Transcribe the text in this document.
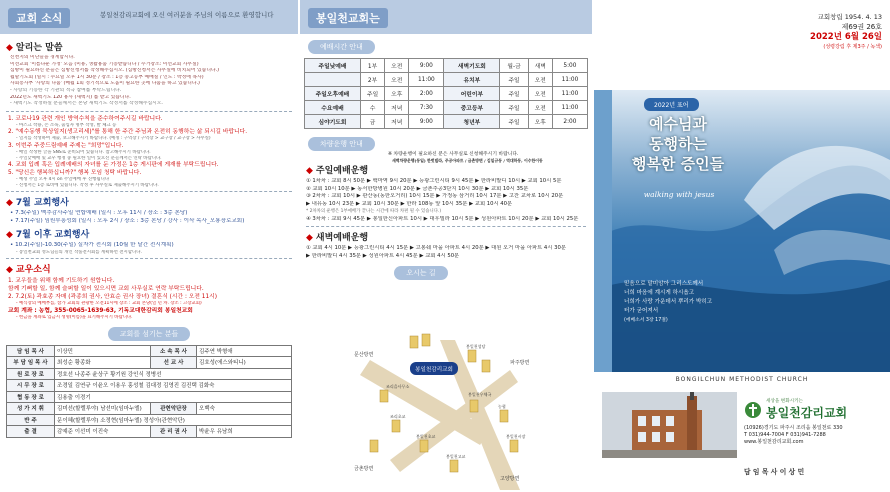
교회 소식	봉일천감리교회에 오신 여러분을 주님의 이름으로 환영합니다
◆ 알리는 말씀
신천지의 미단들을 경계합시다.
이선교회 '이름다운 가정' 모음 (미용, 생활용품 기증받습니다 / 수거장소: 이선교회 사무실)
심방이 필요하신 분들은 심방신청서를 작성해주십시오. (심방신청서는 사무실에 비치되어 있습니다.)
월말기도회 (일시 : 수요일 오후 1시 30분 / 장소 : 1층 중고등부 예배실 / 인도 : 박정애 목사)
사회봉사부 '사랑의 나눔' (매월 1회 정기적으로 도움이 필요한 곳에 나눔을 하고 있습니다.)
- 사랑의 기능한 각 기관의 적극 참여를 부탁드립니다.
2022년도 새벽기도 120 용사 (새벽지) 를 받고 있습니다.
- 새벽기도 작정하실 분들께서는 본당 새벽기도 작정서를 작성해주십시오.
1. 코로나19 관련 개인 방역수칙을 준수하여주시길 바랍니다.
- 마스크 착용, 손 소독, 출입자 명부 작성, 발 체크 등
2. "예수동행 묵상일지(생고리세)"를 통해 한 주간 주님과 온전히 동행하는 삶 되시길 바랍니다.
- 일지를 작성하여 제출, 보고해주시기 바랍니다. (예정 : 구역장 / 구역장 > 교구장 / 교구장 > 사무실)
3. 이번주 주중드림예배 주제는 "희망"입니다.
- 매일 작성한 글을 SNS로 준비되어 있습니다. 참고해주시기 바랍니다.
- 주일낮예배 및 교우 행정 중 필요한 일이 있으신 분들께서는 연락 바랍니다.
4. 교회 입례 혹은 입례예배의 자녀를 둔 가정은 1층 게시판에 게재를 부탁드립니다.
5. "당신은 행복하십니까?" 행복 모임 청탁 바랍니다.
- 예성 주일 오후 4시 on 주일예배 후 진행됩니다
- 신청서는 1층 로비에 있습니다. 작성 후 사무실로 제출해주시기 바랍니다.
◆ 7월 교회행사
• 7.3(주일) 맥추감사주일 연합예배 (일시 : 오후 11시 / 장소 : 3층 본당)
• 7.17(주일) 임원부흥성회 (일시 : 오후 2시 / 장소 : 3층 본당 / 강사 : 이삭 목사_오룡장로교회)
◆ 7월 이후 교회행사
• 10.2(주일)-10.30(주일) 실자가 전시회 (10월 한 달간 전시계획)
- 봉일천교회 성도님들의 개인 작품전시회를 계획하면 전시합니다.
◆ 교우소식
1. 교우들을 위해 함께 기도하기 원합니다.
함께 기뻐할 일, 함께 슬퍼할 일이 있으시면 교회 사무실로 연락 부탁드립니다.
2. 7.2(토) 곽효종 자매 (곽종희 권사, 안효순 권사 장녀) 결혼식 (시간 : 오전 11시)
- 예식장의 예배부를, 참가 교회의 관광한 오전11시에 장소 : 교회 본당(일 년 차. 장소 : 고장교회)
교회 계좌 : 농협, 355-0065-1639-63, 기독교대한감리회 봉일천교회
- 헌금을 계좌로 입금시 성명(이름)을 표기해주시기 바랍니다.
교회를 섬기는 분들
담 임 목 사	이상민	소 속 목 사	김주연 박형애
부 담 임 목 사	최성순 황종화	선 교 사	김호성(에스와티니)
원 로 장 로	정호선 나종주 윤상구 황기원 강인식 정병선		
시 무 장 로	조경일 김연규 이윤오 이용우 홍성철 김대정 김영진 김진택 김화숙		
협 동 장 로	김용출 이경기		
성 가 지 휘	김미선(할렐루야) 남선미(임마누엘)	관현악단장	오백숙
반 주	문이혜(할렐루야) 소정현(임마누엘) 정성아(관현악단)		
출 결	감예준 이선미 이진숙	관 리 권 사	박윤우 유남희
봉일천교회는
예배시간 안내
주일낮예배	1부	오전	9:00	새벽기도회	월-금	새벽	5:00
	2부	오전	11:00	유치부	주일	오전	11:00
주일오후예배	주일	오후	2:00	어린이부	주일	오전	11:00
수요예배	수	저녁	7:30	중고등부	주일	오전	11:00
심야기도회	금	저녁	9:00	청년부	주일	오후	2:00
차량운행 안내
※ 차량운행이 필요하신 분은 사무실로 신청해주시기 바랍니다.
새벽차량운행(동일) 한벗빌라, 주공아파트 / 금촌방면 / 김일규동 / 역대하동, 이수한이동
◆ 주일예배운행
① 1차차 : 교회 8시 50분 ▶ 백마역 9시 20분 ▶ 등광그린시티 9시 45분 ▶ 한라비발디 10시 ▶ 교회 10시 5분
② 교회 10시 10분 ▶ 동서한방병원 10시 20분 ▶ 금촌주공3단지 10시 30분 ▶ 교회 10시 35분
③ 2차차 : 교회 10시 ▶ 관산동(동한오거리) 10시 15분 ▶ 가정동 삼거리 10시 17분 ▶ 고잔 교차로 10시 20분
▶ 내유동 10시 23분 ▶ 교회 10시 30분 ▶ 한라 108동 앞 10시 35분 ▶ 교회 10시 40분
* 2차차의 운행은 1부예배가 끝나는 시간에 따라 차편 될 수 있습니다.)
④ 3차차 : 교회 9시 45분 ▶ 봉일한신아파트 10시 ▶ 대우빌라 10시 5분 ▶ 성원아파트 10시 20분 ▶ 교회 10시 25분
◆ 새벽예배운행
① 교회 4시 10분 ▶ 등광그린시티 4시 15분 ▶ 고봉쉐 마을 아파트 4시 20분 ▶ 대원 오거 마을 아파트 4시 30분
▶ 한라비발디 4시 35분 ▶ 성원아파트 4시 45분 ▶ 교회 4시 50분
오시는 길
봉일천감리교회
금촌방면
고양방면
문산방면
파주방면
조리읍사무소
조리초교
봉일천성당
봉일천우체국
농협
봉일천초교
봉일천고교
봉일천시장
교회창립 1954. 4. 13
제69권 26호
2022년 6월 26일
(성령강림 후 제3주 / 녹색)
2022년 표어
예수님과
동행하는
행복한 증인들
walking with jesus
믿음으로 말미암아 그리스도께서
너희 마음에 계시게 하시옵고
너희가 사랑 가운데서 뿌리가 박히고
터가 굳어져서
(에베소서 3장 17절)
BONGILCHUN METHODIST CHURCH
세상을 변화시키는
봉일천감리교회
(10926)경기도 파주시 조리읍 봉일천로 330
T 031)944-7004 F 031)941-7288
www.봉일천감리교회.com
담 임 목 사 이 상 민
